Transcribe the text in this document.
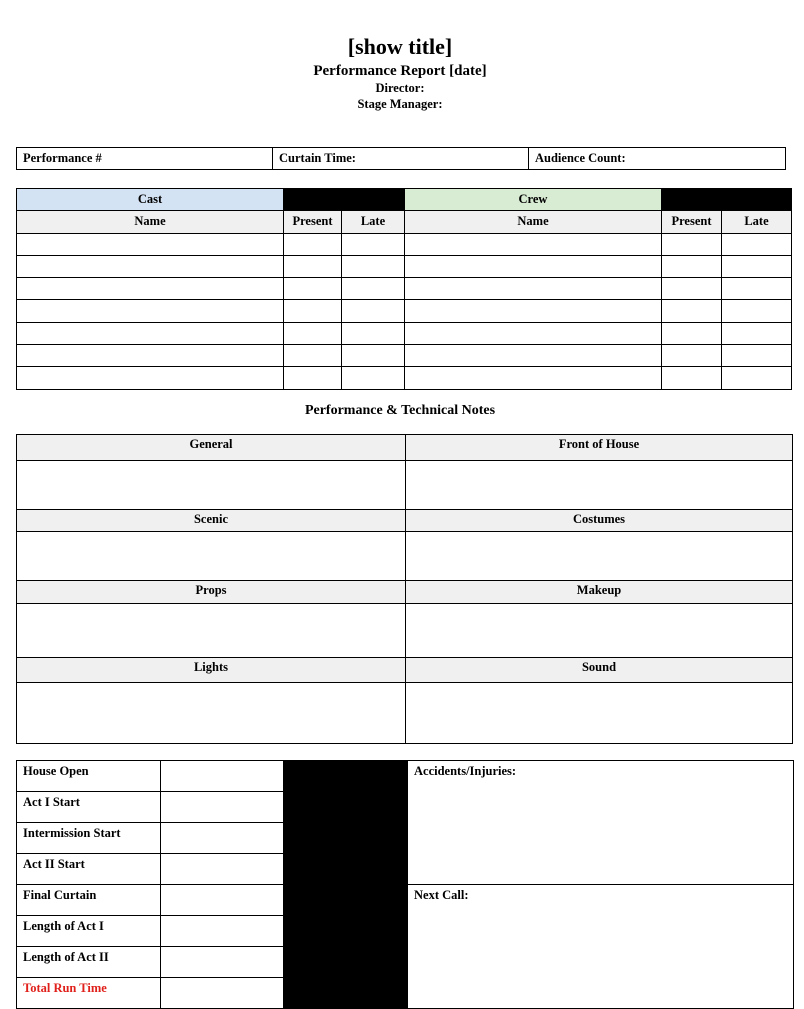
[show title]
Performance Report [date]
Director:
Stage Manager:
Performance #	Curtain Time:	Audience Count:
Cast			Crew		
Name	Present	Late	Name	Present	Late

Performance & Technical Notes
General	Front of House

Scenic	Costumes

Props	Makeup

Lights	Sound

House Open			Accidents/Injuries:
Act I Start			
Intermission Start			
Act II Start			
Final Curtain			Next Call:
Length of Act I			
Length of Act II			
Total Run Time			
